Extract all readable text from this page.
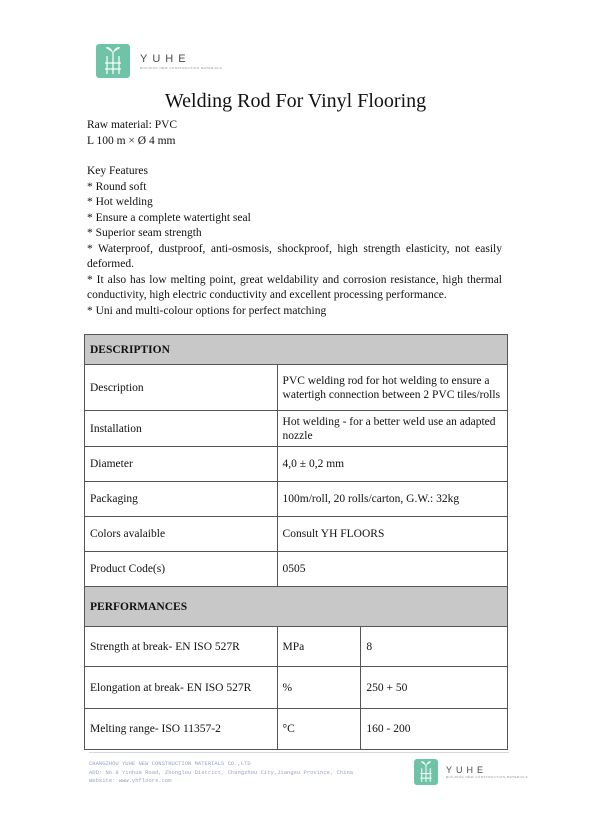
YUHE
BUILDING NEW CONSTRUCTION MATERIALS
Welding Rod For Vinyl Flooring
Raw material: PVC
L 100 m × Ø 4 mm

Key Features

* Round soft

* Hot welding

* Ensure a complete watertight seal

* Superior seam strength

* Waterproof, dustproof, anti-osmosis, shockproof, high strength elasticity, not easily deformed.

* It also has low melting point, great weldability and corrosion resistance, high thermal conductivity, high electric conductivity and excellent processing performance.

* Uni and multi-colour options for perfect matching

DESCRIPTION		
Description	PVC welding rod for hot welding to ensure a watertigh connection between 2 PVC tiles/rolls	
Installation	Hot welding - for a better weld use an adapted nozzle	
Diameter	4,0 ± 0,2 mm	
Packaging	100m/roll, 20 rolls/carton, G.W.: 32kg	
Colors avalaible	Consult YH FLOORS	
Product Code(s)	0505	
PERFORMANCES		
Strength at break- EN ISO 527R	MPa	8
Elongation at break- EN ISO 527R	%	250 + 50
Melting range- ISO 11357-2	°C	160 - 200
CHANGZHOU YUHE NEW CONSTRUCTION MATERIALS CO.,LTD
ADD: No.9 Yinhua Road, Zhonglou District, Changzhou City,Jiangsu Province, China
Website: www.yhfloors.com
YUHE
BUILDING NEW CONSTRUCTION MATERIALS
